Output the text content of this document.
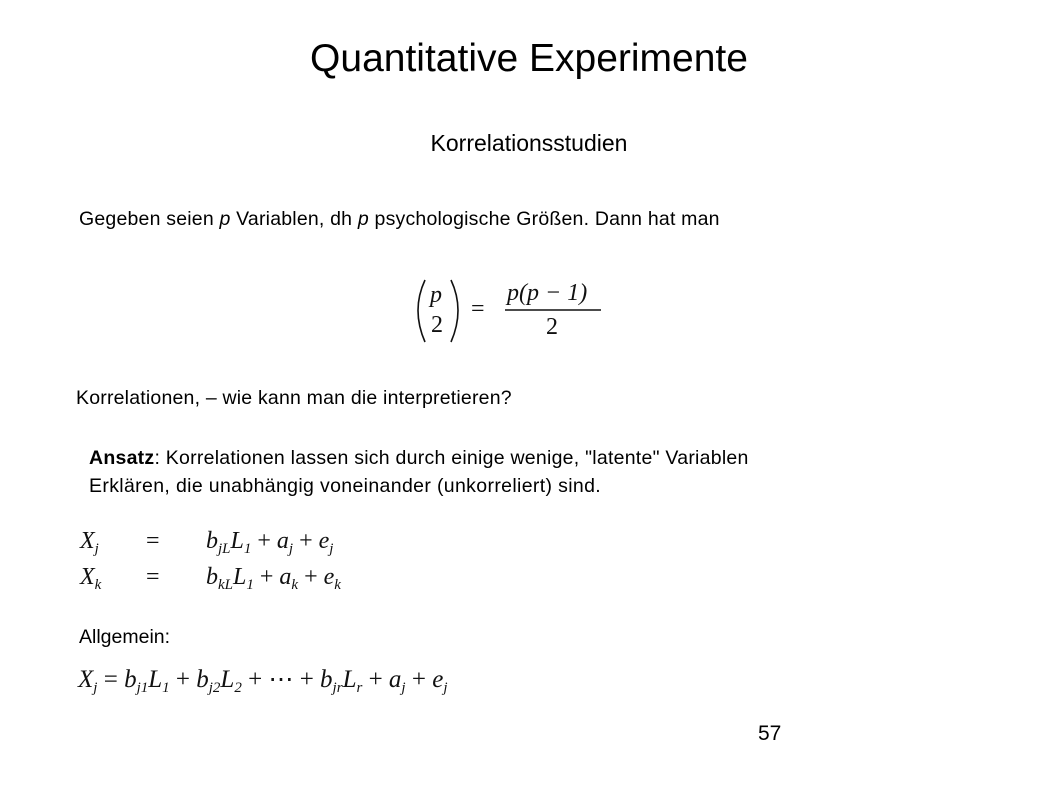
Quantitative Experimente
Korrelationsstudien
Gegeben seien p Variablen, dh p psychologische Größen. Dann hat man
p
2
=
p(p − 1)
2
Korrelationen, – wie kann man die interpretieren?
Ansatz: Korrelationen lassen sich durch einige wenige, "latente" Variablen
Erklären, die unabhängig voneinander (unkorreliert) sind.
$X_j$	=	$b_{jL}L_1 + a_j + e_j$
$X_k$	=	$b_{kL}L_1 + a_k + e_k$
Allgemein:
$X_j = b_{j1}L_1 + b_{j2}L_2$ + ⋯ + $b_{jr}L_r + a_j + e_j$
57
